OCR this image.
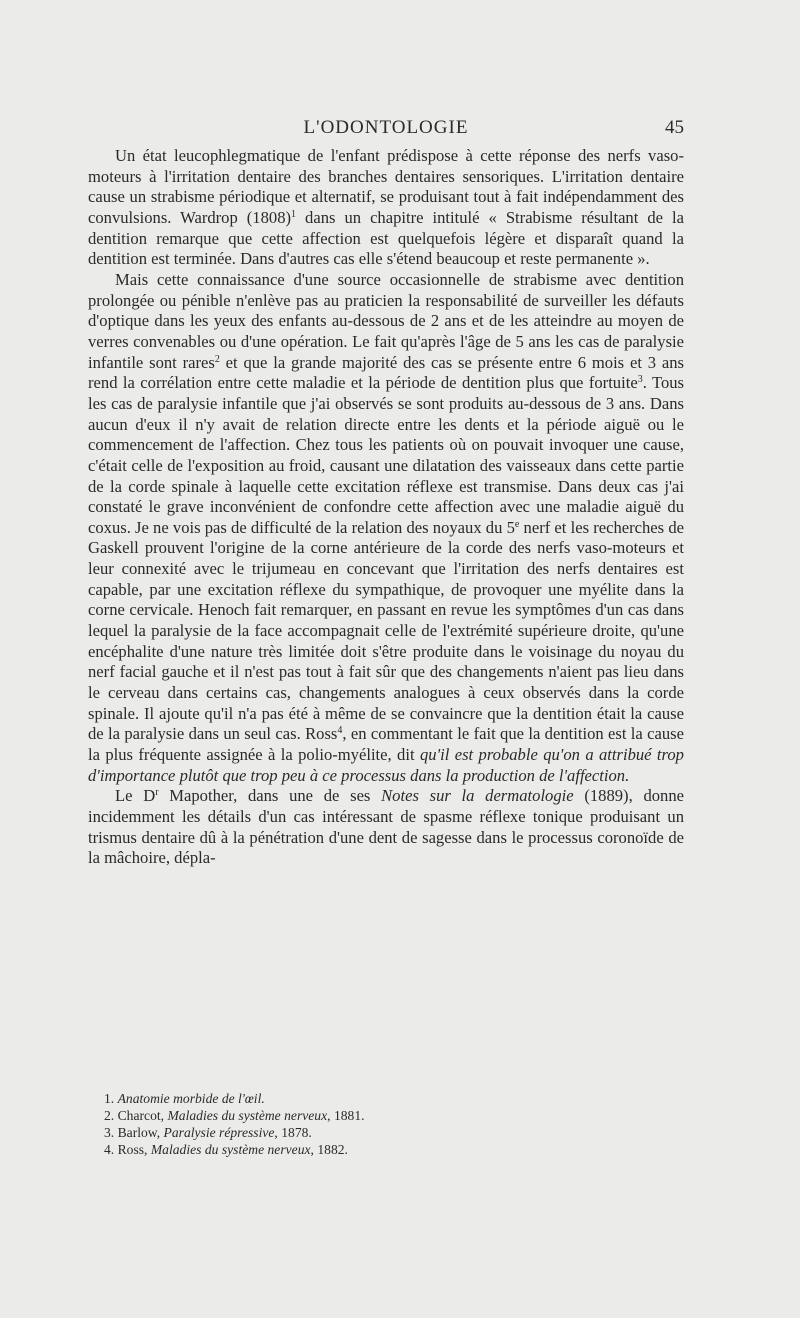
L'ODONTOLOGIE	45

Un état leucophlegmatique de l'enfant prédispose à cette réponse des nerfs vaso-moteurs à l'irritation dentaire des branches dentaires sensoriques. L'irritation dentaire cause un strabisme périodique et alternatif, se produisant tout à fait indépendamment des convulsions. Wardrop $(1808)^1$ dans un chapitre intitulé « Strabisme résultant de la dentition remarque que cette affection est quelquefois légère et disparaît quand la dentition est terminée. Dans d'autres cas elle s'étend beaucoup et reste permanente ».

Mais cette connaissance d'une source occasionnelle de strabisme avec dentition prolongée ou pénible n'enlève pas au praticien la responsabilité de surveiller les défauts d'optique dans les yeux des enfants au-dessous de 2 ans et de les atteindre au moyen de verres convenables ou d'une opération. Le fait qu'après l'âge de 5 ans les cas de paralysie infantile sont rares$^2$ et que la grande majorité des cas se présente entre 6 mois et 3 ans rend la corrélation entre cette maladie et la période de dentition plus que fortuite$^3$. Tous les cas de paralysie infantile que j'ai observés se sont produits au-dessous de 3 ans. Dans aucun d'eux il n'y avait de relation directe entre les dents et la période aiguë ou le commencement de l'affection. Chez tous les patients où on pouvait invoquer une cause, c'était celle de l'exposition au froid, causant une dilatation des vaisseaux dans cette partie de la corde spinale à laquelle cette excitation réflexe est transmise. Dans deux cas j'ai constaté le grave inconvénient de confondre cette affection avec une maladie aiguë du coxus. Je ne vois pas de difficulté de la relation des noyaux du 5e nerf et les recherches de Gaskell prouvent l'origine de la corne antérieure de la corde des nerfs vaso-moteurs et leur connexité avec le trijumeau en concevant que l'irritation des nerfs dentaires est capable, par une excitation réflexe du sympathique, de provoquer une myélite dans la corne cervicale. Henoch fait remarquer, en passant en revue les symptômes d'un cas dans lequel la paralysie de la face accompagnait celle de l'extrémité supérieure droite, qu'une encéphalite d'une nature très limitée doit s'être produite dans le voisinage du noyau du nerf facial gauche et il n'est pas tout à fait sûr que des changements n'aient pas lieu dans le cerveau dans certains cas, changements analogues à ceux observés dans la corde spinale. Il ajoute qu'il n'a pas été à même de se convaincre que la dentition était la cause de la paralysie dans un seul cas. Ross$^4$, en commentant le fait que la dentition est la cause la plus fréquente assignée à la polio-myélite, dit qu'il est probable qu'on a attribué trop d'importance plutôt que trop peu à ce processus dans la production de l'affection.

Le $D^r$ Mapother, dans une de ses Notes sur la dermatologie (1889), donne incidemment les détails d'un cas intéressant de spasme réflexe tonique produisant un trismus dentaire dû à la pénétration d'une dent de sagesse dans le processus coronoïde de la mâchoire, dépla-

1. Anatomie morbide de l'œil.
2. Charcot, Maladies du système nerveux, 1881.
3. Barlow, Paralysie répressive, 1878.
4. Ross, Maladies du système nerveux, 1882.
